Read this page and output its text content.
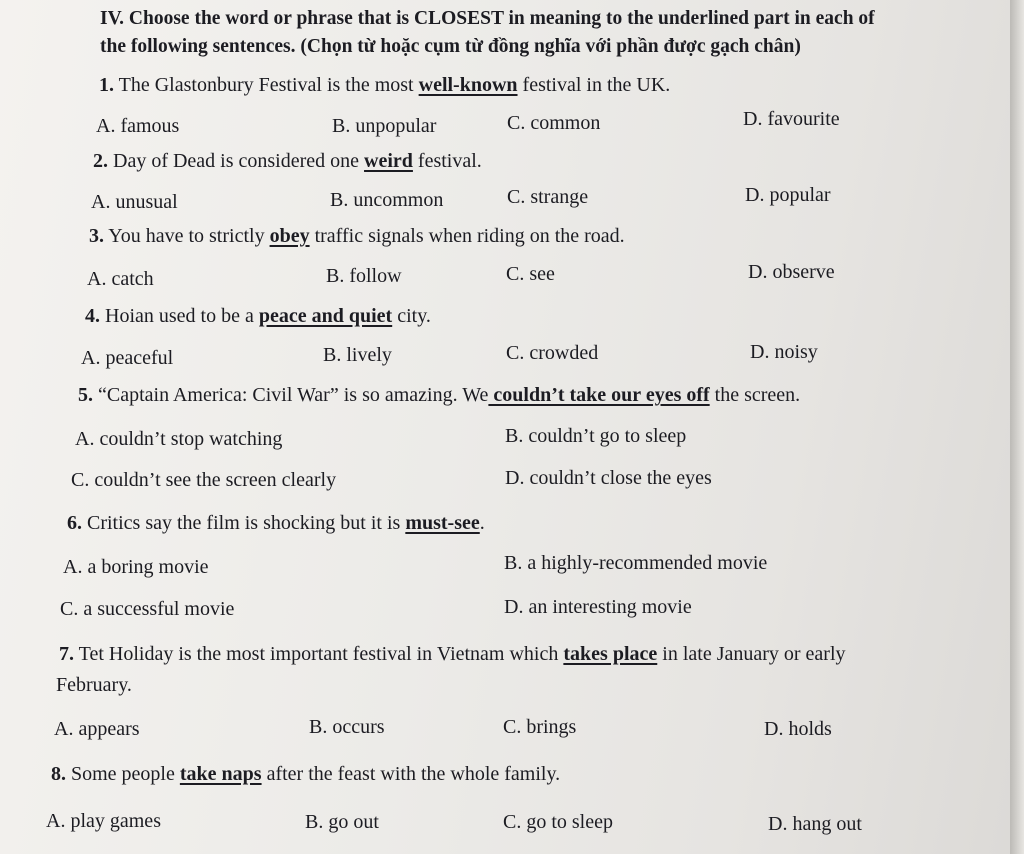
IV. Choose the word or phrase that is CLOSEST in meaning to the underlined part in each of
the following sentences. (Chọn từ hoặc cụm từ đồng nghĩa với phần được gạch chân)
1. The Glastonbury Festival is the most well-known festival in the UK.
A. famous	B. unpopular	C. common	D. favourite
2. Day of Dead is considered one weird festival.
A. unusual	B. uncommon	C. strange	D. popular
3. You have to strictly obey traffic signals when riding on the road.
A. catch	B. follow	C. see	D. observe
4. Hoian used to be a peace and quiet city.
A. peaceful	B. lively	C. crowded	D. noisy
5. “Captain America: Civil War” is so amazing. We couldn’t take our eyes off the screen.
A. couldn’t stop watching	B. couldn’t go to sleep
C. couldn’t see the screen clearly	D. couldn’t close the eyes
6. Critics say the film is shocking but it is must-see.
A. a boring movie	B. a highly-recommended movie
C. a successful movie	D. an interesting movie
7. Tet Holiday is the most important festival in Vietnam which takes place in late January or early
February.
A. appears	B. occurs	C. brings	D. holds
8. Some people take naps after the feast with the whole family.
A. play games	B. go out	C. go to sleep	D. hang out
